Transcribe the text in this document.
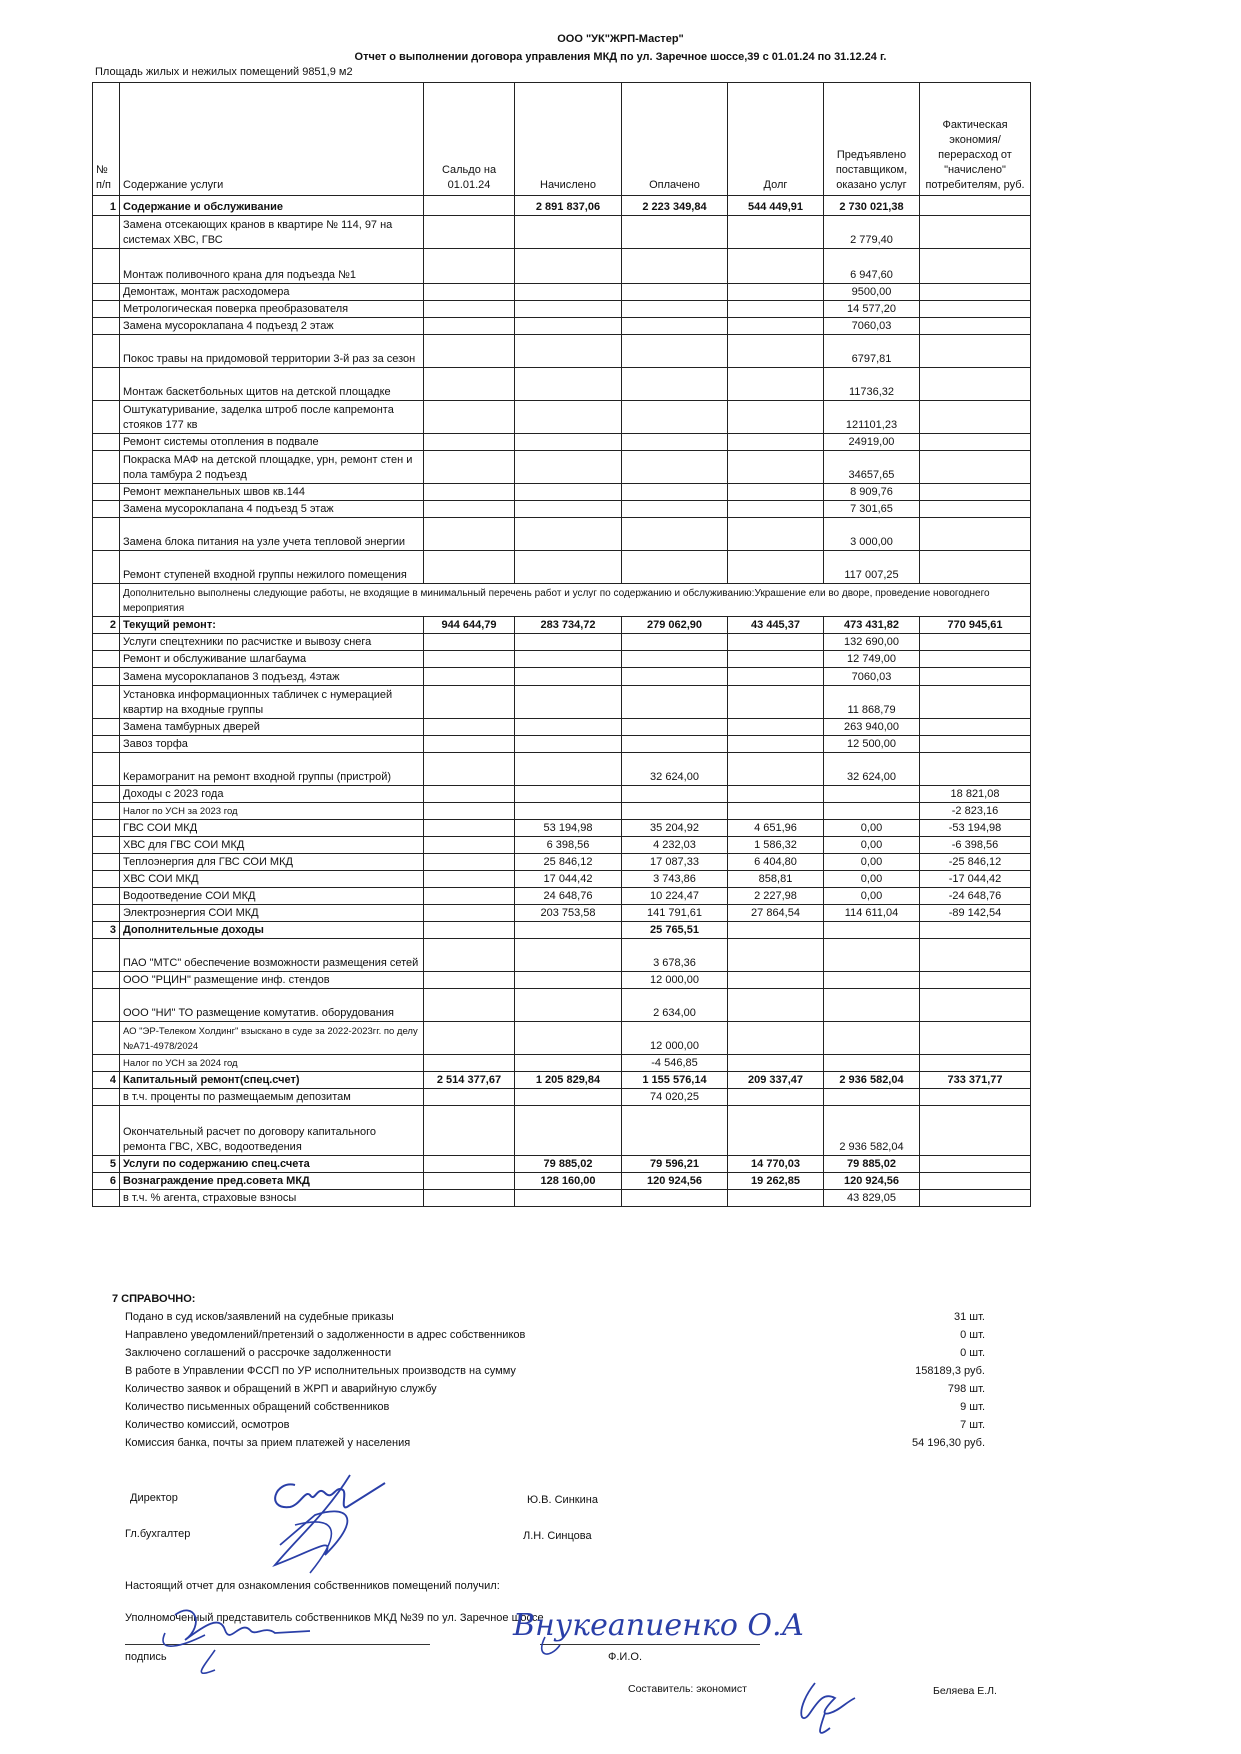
ООО "УК"ЖРП-Мастер"
Отчет о выполнении договора управления МКД по ул. Заречное шоссе,39 с 01.01.24 по 31.12.24 г.
Площадь жилых и нежилых помещений 9851,9 м2
№ п/п	Содержание услуги	Сальдо на 01.01.24	Начислено	Оплачено	Долг	Предъявлено поставщиком, оказано услуг	Фактическая экономия/перерасход от "начислено" потребителям, руб.
1	Содержание и обслуживание		2 891 837,06	2 223 349,84	544 449,91	2 730 021,38	
	Замена отсекающих кранов в квартире № 114, 97 на системах ХВС, ГВС					2 779,40	
	Монтаж поливочного крана для подъезда №1					6 947,60	
	Демонтаж, монтаж расходомера					9500,00	
	Метрологическая поверка преобразователя					14 577,20	
	Замена мусороклапана 4 подъезд 2 этаж					7060,03	
	Покос травы на придомовой территории 3-й раз за сезон					6797,81	
	Монтаж баскетбольных щитов на детской площадке					11736,32	
	Оштукатуривание, заделка штроб после капремонта стояков 177 кв					121101,23	
	Ремонт системы отопления в подвале					24919,00	
	Покраска МАФ на детской площадке, урн, ремонт стен и пола тамбура 2 подъезд					34657,65	
	Ремонт межпанельных швов кв.144					8 909,76	
	Замена мусороклапана 4 подъезд 5 этаж					7 301,65	
	Замена блока питания на узле учета тепловой энергии					3 000,00	
	Ремонт ступеней входной группы нежилого помещения					117 007,25	
	Дополнительно выполнены следующие работы, не входящие в минимальный перечень работ и услуг по содержанию и обслуживанию:Украшение ели во дворе, проведение новогоднего мероприятия						
2	Текущий ремонт:	944 644,79	283 734,72	279 062,90	43 445,37	473 431,82	770 945,61
	Услуги спецтехники по расчистке и вывозу снега					132 690,00	
	Ремонт и обслуживание шлагбаума					12 749,00	
	Замена мусороклапанов 3 подъезд, 4этаж					7060,03	
	Установка информационных табличек с нумерацией квартир на входные группы					11 868,79	
	Замена тамбурных дверей					263 940,00	
	Завоз торфа					12 500,00	
	Керамогранит на ремонт входной группы (пристрой)			32 624,00		32 624,00	
	Доходы с 2023 года						18 821,08
	Налог по УСН за 2023 год						-2 823,16
	ГВС СОИ МКД		53 194,98	35 204,92	4 651,96	0,00	-53 194,98
	ХВС для ГВС СОИ МКД		6 398,56	4 232,03	1 586,32	0,00	-6 398,56
	Теплоэнергия для ГВС СОИ МКД		25 846,12	17 087,33	6 404,80	0,00	-25 846,12
	ХВС СОИ МКД		17 044,42	3 743,86	858,81	0,00	-17 044,42
	Водоотведение СОИ МКД		24 648,76	10 224,47	2 227,98	0,00	-24 648,76
	Электроэнергия СОИ МКД		203 753,58	141 791,61	27 864,54	114 611,04	-89 142,54
3	Дополнительные доходы			25 765,51			
	ПАО "МТС" обеспечение возможности размещения сетей			3 678,36			
	ООО "РЦИН" размещение инф. стендов			12 000,00			
	ООО "НИ" ТО размещение комутатив. оборудования			2 634,00			
	АО "ЭР-Телеком Холдинг" взыскано в суде за 2022-2023гг. по делу №А71-4978/2024			12 000,00			
	Налог по УСН за 2024 год			-4 546,85			
4	Капитальный ремонт(спец.счет)	2 514 377,67	1 205 829,84	1 155 576,14	209 337,47	2 936 582,04	733 371,77
	в т.ч. проценты по размещаемым депозитам			74 020,25			
	Окончательный расчет по договору капитального ремонта ГВС, ХВС, водоотведения					2 936 582,04	
5	Услуги по содержанию спец.счета		79 885,02	79 596,21	14 770,03	79 885,02	
6	Вознаграждение пред.совета МКД		128 160,00	120 924,56	19 262,85	120 924,56	
	в т.ч. % агента, страховые взносы					43 829,05	
7 СПРАВОЧНО:
Подано в суд исков/заявлений на судебные приказы	31 шт.
Направлено уведомлений/претензий о задолженности в адрес собственников	0 шт.
Заключено соглашений о рассрочке задолженности	0 шт.
В работе в Управлении ФССП по УР исполнительных производств на сумму	158189,3 руб.
Количество заявок и обращений в ЖРП и аварийную службу	798 шт.
Количество письменных обращений собственников	9 шт.
Количество комиссий, осмотров	7 шт.
Комиссия банка, почты за прием платежей у населения	54 196,30 руб.
Директор	Ю.В. Синкина
Гл.бухгалтер	Л.Н. Синцова
Настоящий отчет для ознакомления собственников помещений получил:
Уполномоченный представитель собственников МКД №39 по ул. Заречное шоссе
подпись	Ф.И.О.
Составитель: экономист	Беляева Е.Л.
Внукеапиенко О.А
